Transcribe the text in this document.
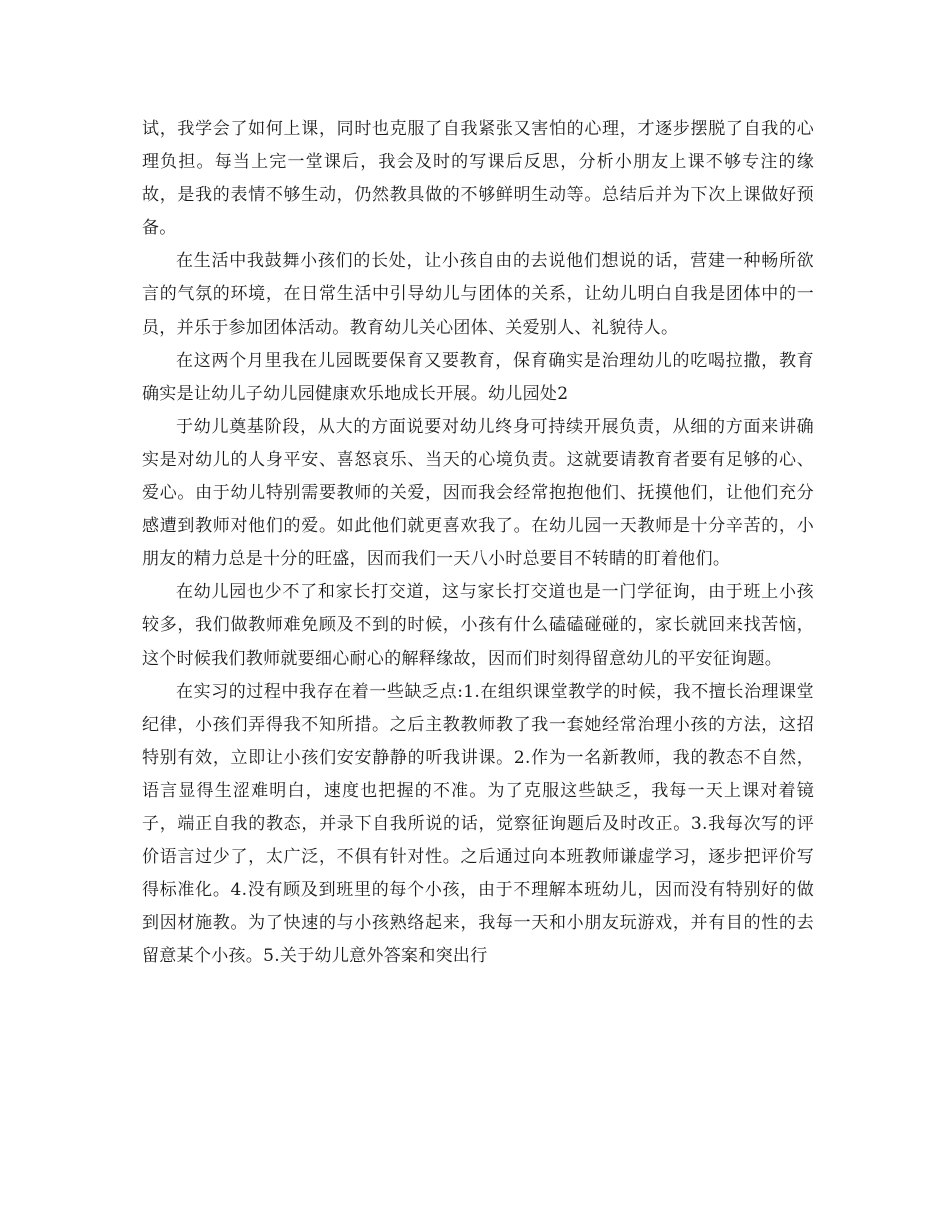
试，我学会了如何上课，同时也克服了自我紧张又害怕的心理，才逐步摆脱了自我的心理负担。每当上完一堂课后，我会及时的写课后反思，分析小朋友上课不够专注的缘故，是我的表情不够生动，仍然教具做的不够鲜明生动等。总结后并为下次上课做好预备。

在生活中我鼓舞小孩们的长处，让小孩自由的去说他们想说的话，营建一种畅所欲言的气氛的环境，在日常生活中引导幼儿与团体的关系，让幼儿明白自我是团体中的一员，并乐于参加团体活动。教育幼儿关心团体、关爱别人、礼貌待人。

在这两个月里我在儿园既要保育又要教育，保育确实是治理幼儿的吃喝拉撒，教育确实是让幼儿子幼儿园健康欢乐地成长开展。幼儿园处2

于幼儿奠基阶段，从大的方面说要对幼儿终身可持续开展负责，从细的方面来讲确实是对幼儿的人身平安、喜怒哀乐、当天的心境负责。这就要请教育者要有足够的心、爱心。由于幼儿特别需要教师的关爱，因而我会经常抱抱他们、抚摸他们，让他们充分感遭到教师对他们的爱。如此他们就更喜欢我了。在幼儿园一天教师是十分辛苦的，小朋友的精力总是十分的旺盛，因而我们一天八小时总要目不转睛的盯着他们。

在幼儿园也少不了和家长打交道，这与家长打交道也是一门学征询，由于班上小孩较多，我们做教师难免顾及不到的时候，小孩有什么磕磕碰碰的，家长就回来找苦恼，这个时候我们教师就要细心耐心的解释缘故，因而们时刻得留意幼儿的平安征询题。

在实习的过程中我存在着一些缺乏点:1.在组织课堂教学的时候，我不擅长治理课堂纪律，小孩们弄得我不知所措。之后主教教师教了我一套她经常治理小孩的方法，这招特别有效，立即让小孩们安安静静的听我讲课。2.作为一名新教师，我的教态不自然，语言显得生涩难明白，速度也把握的不准。为了克服这些缺乏，我每一天上课对着镜子，端正自我的教态，并录下自我所说的话，觉察征询题后及时改正。3.我每次写的评价语言过少了，太广泛，不俱有针对性。之后通过向本班教师谦虚学习，逐步把评价写得标准化。4.没有顾及到班里的每个小孩，由于不理解本班幼儿，因而没有特别好的做到因材施教。为了快速的与小孩熟络起来，我每一天和小朋友玩游戏，并有目的性的去留意某个小孩。5.关于幼儿意外答案和突出行
